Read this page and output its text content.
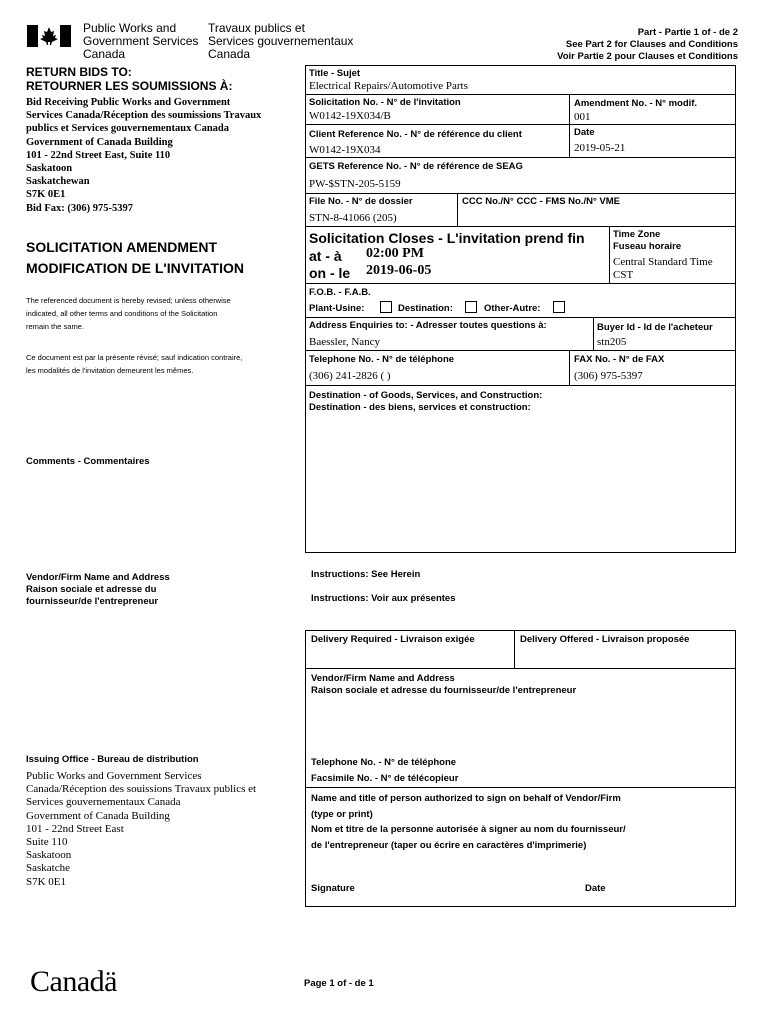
Public Works and
Government Services
Canada
Travaux publics et
Services gouvernementaux
Canada
Part - Partie 1 of - de 2
See Part 2 for Clauses and Conditions
Voir Partie 2 pour Clauses et Conditions
RETURN BIDS TO:
RETOURNER LES SOUMISSIONS À:
Bid Receiving Public Works and Government
Services Canada/Réception des soumissions Travaux
publics et Services gouvernementaux Canada
Government of Canada Building
101 - 22nd Street East, Suite 110
Saskatoon
Saskatchewan
S7K 0E1
Bid Fax: (306) 975-5397
SOLICITATION AMENDMENT
MODIFICATION DE L'INVITATION
The referenced document is hereby revised; unless otherwise
indicated, all other terms and conditions of the Solicitation
remain the same.
Ce document est par la présente révisé; sauf indication contraire,
les modalités de l'invitation demeurent les mêmes.
Comments - Commentaires
Vendor/Firm Name and Address
Raison sociale et adresse du
fournisseur/de l'entrepreneur
Issuing Office - Bureau de distribution
Public Works and Government Services
Canada/Réception des souissions Travaux publics et
Services gouvernementaux Canada
Government of Canada Building
101 - 22nd Street East
Suite 110
Saskatoon
Saskatche
S7K 0E1
Title - Sujet
Electrical Repairs/Automotive Parts
Solicitation No. - N° de l'invitation
W0142-19X034/B
Amendment No. - N° modif.
001
Client Reference No. - N° de référence du client
W0142-19X034
Date
2019-05-21
GETS Reference No. - N° de référence de SEAG
PW-$STN-205-5159
File No. - N° de dossier
STN-8-41066 (205)
CCC No./N° CCC - FMS No./N° VME
Solicitation Closes - L'invitation prend fin
at - à 02:00 PM
on - le 2019-06-05
Time Zone
Fuseau horaire
Central Standard Time
CST
F.O.B. - F.A.B.
Plant-Usine:	Destination:	Other-Autre:
Address Enquiries to: - Adresser toutes questions à:
Baessler, Nancy
Buyer Id - Id de l'acheteur
stn205
Telephone No. - N° de téléphone
(306) 241-2826 ( )
FAX No. - N° de FAX
(306) 975-5397
Destination - of Goods, Services, and Construction:
Destination - des biens, services et construction:
Instructions: See Herein
Instructions: Voir aux présentes
Delivery Required - Livraison exigée	Delivery Offered - Livraison proposée
Vendor/Firm Name and Address
Raison sociale et adresse du fournisseur/de l'entrepreneur
Telephone No. - N° de téléphone
Facsimile No. - N° de télécopieur
Name and title of person authorized to sign on behalf of Vendor/Firm
(type or print)
Nom et titre de la personne autorisée à signer au nom du fournisseur/
de l'entrepreneur (taper ou écrire en caractères d'imprimerie)
Signature	Date
Canadä	Page 1 of - de 1
